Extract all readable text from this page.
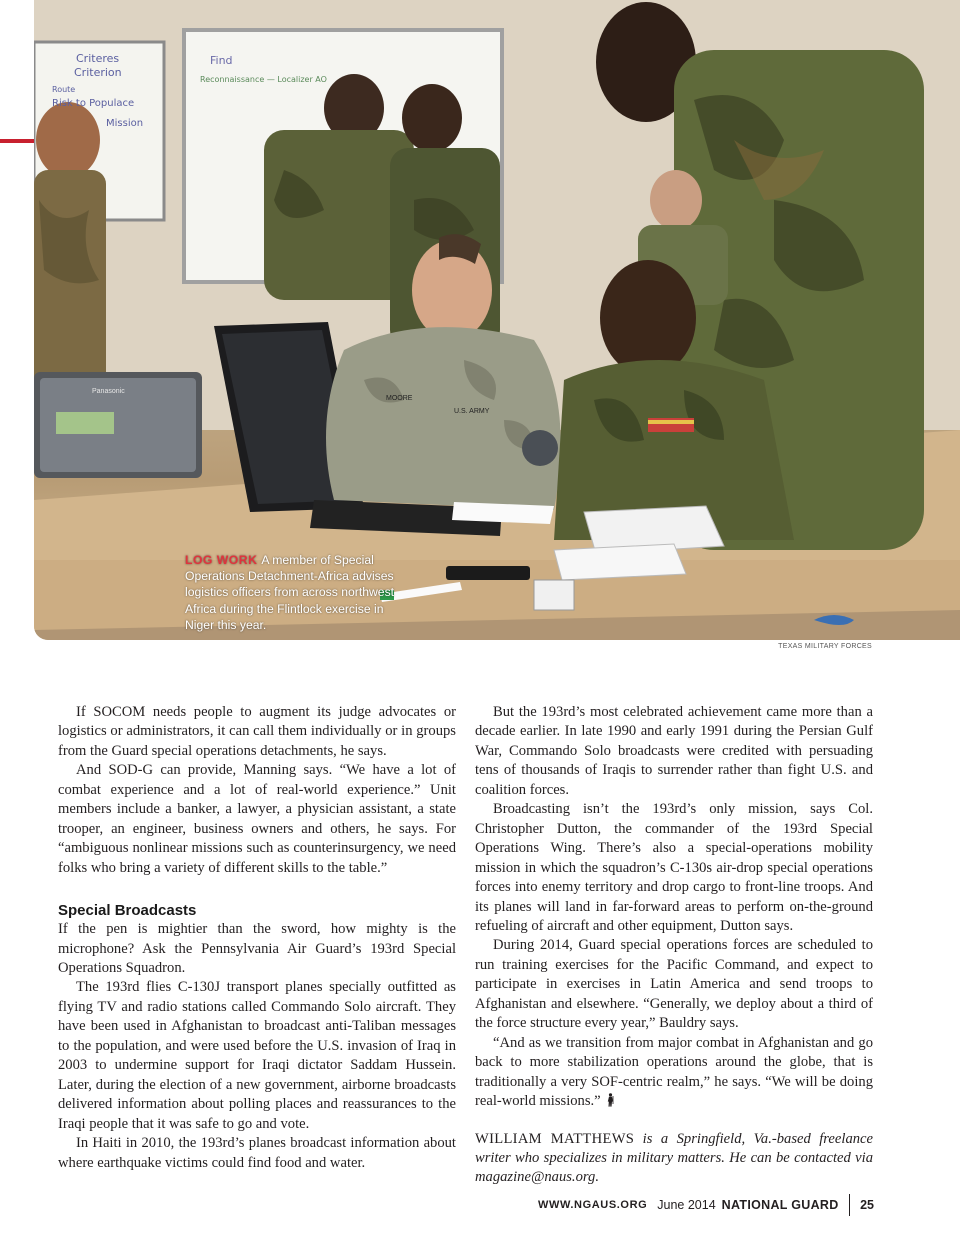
Panasonic
MOORE
U.S. ARMY
Criteres
Criterion
Route
Risk to Populace
Mission
Find
Reconnaissance — Localizer AO
LOG WORK A member of Special Operations Detachment-Africa advises logistics officers from across northwest Africa during the Flintlock exercise in Niger this year.
TEXAS MILITARY FORCES

If SOCOM needs people to augment its judge advocates or logistics or administrators, it can call them individually or in groups from the Guard special operations detachments, he says.

And SOD-G can provide, Manning says. “We have a lot of combat experience and a lot of real-world experience.” Unit members include a banker, a lawyer, a physician assistant, a state trooper, an engineer, business owners and others, he says. For “ambiguous nonlinear missions such as counterinsurgency, we need folks who bring a variety of different skills to the table.”

Special Broadcasts

If the pen is mightier than the sword, how mighty is the microphone? Ask the Pennsylvania Air Guard’s 193rd Special Operations Squadron.

The 193rd flies C-130J transport planes specially outfitted as flying TV and radio stations called Commando Solo aircraft. They have been used in Afghanistan to broadcast anti-Taliban messages to the population, and were used before the U.S. invasion of Iraq in 2003 to undermine support for Iraqi dictator Saddam Hussein. Later, during the election of a new government, airborne broadcasts delivered information about polling places and reassurances to the Iraqi people that it was safe to go and vote.

In Haiti in 2010, the 193rd’s planes broadcast information about where earthquake victims could find food and water.

But the 193rd’s most celebrated achievement came more than a decade earlier. In late 1990 and early 1991 during the Persian Gulf War, Commando Solo broadcasts were credited with persuading tens of thousands of Iraqis to surrender rather than fight U.S. and coalition forces.

Broadcasting isn’t the 193rd’s only mission, says Col. Christopher Dutton, the commander of the 193rd Special Operations Wing. There’s also a special-operations mobility mission in which the squadron’s C-130s air-drop special operations forces into enemy territory and drop cargo to front-line troops. And its planes will land in far-forward areas to perform on-the-ground refueling of aircraft and other equipment, Dutton says.

During 2014, Guard special operations forces are scheduled to run training exercises for the Pacific Command, and expect to participate in exercises in Latin America and send troops to Afghanistan and elsewhere. “Generally, we deploy about a third of the force structure every year,” Bauldry says.

“And as we transition from major combat in Afghanistan and go back to more stabilization operations around the globe, that is traditionally a very SOF-centric realm,” he says. “We will be doing real-world missions.”

WILLIAM MATTHEWS is a Springfield, Va.-based freelance writer who specializes in military matters. He can be contacted via magazine@naus.org.

WWW.NGAUS.ORG June 2014 NATIONAL GUARD 25
